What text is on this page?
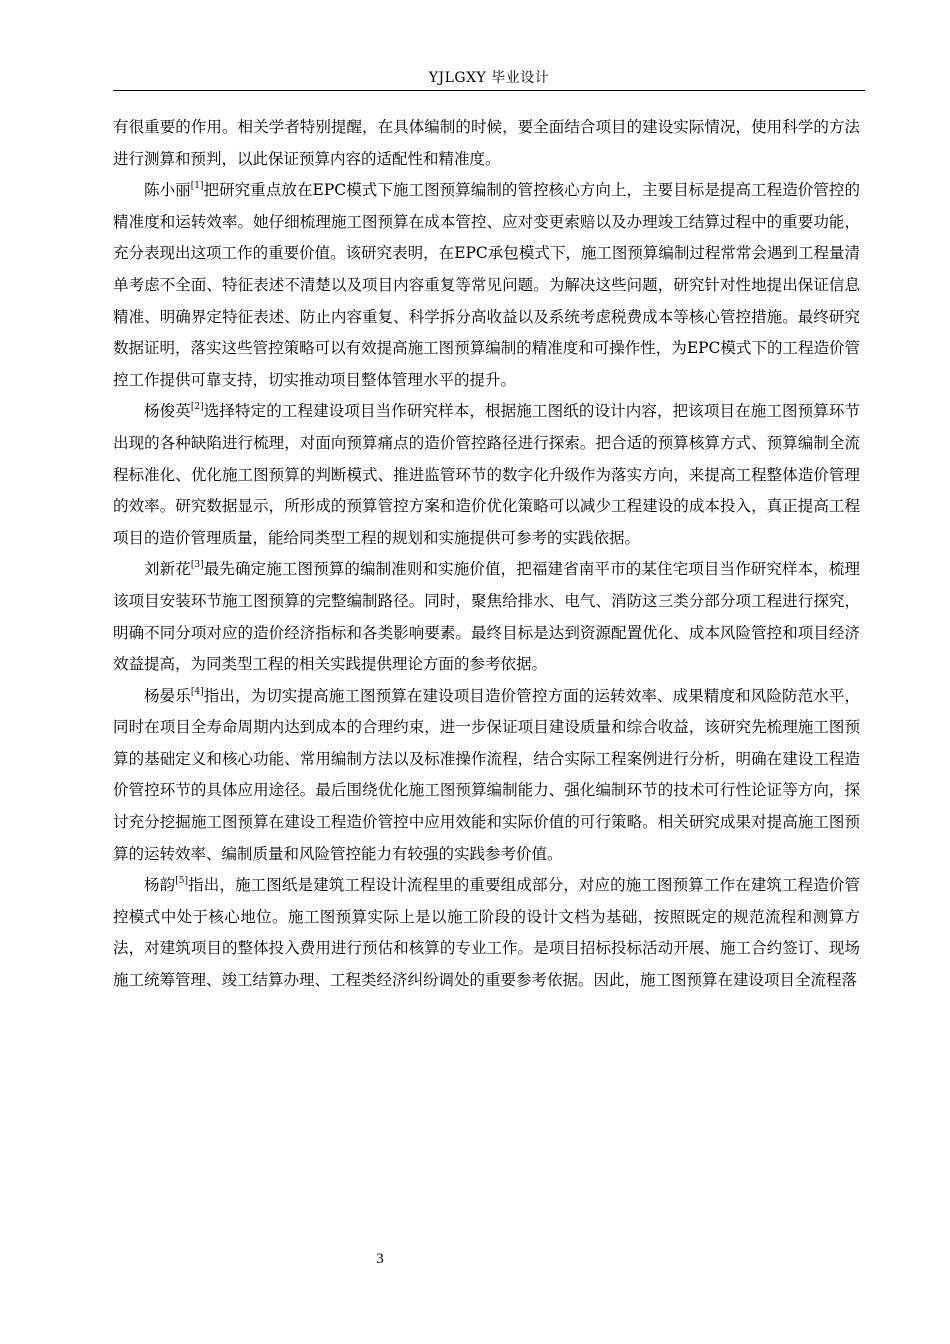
YJLGXY 毕业设计

有很重要的作用。相关学者特别提醒，在具体编制的时候，要全面结合项目的建设实际情况，使用科学的方法进行测算和预判，以此保证预算内容的适配性和精准度。

陈小丽[1]把研究重点放在EPC模式下施工图预算编制的管控核心方向上，主要目标是提高工程造价管控的精准度和运转效率。她仔细梳理施工图预算在成本管控、应对变更索赔以及办理竣工结算过程中的重要功能，充分表现出这项工作的重要价值。该研究表明，在EPC承包模式下，施工图预算编制过程常常会遇到工程量清单考虑不全面、特征表述不清楚以及项目内容重复等常见问题。为解决这些问题，研究针对性地提出保证信息精准、明确界定特征表述、防止内容重复、科学拆分高收益以及系统考虑税费成本等核心管控措施。最终研究数据证明，落实这些管控策略可以有效提高施工图预算编制的精准度和可操作性，为EPC模式下的工程造价管控工作提供可靠支持，切实推动项目整体管理水平的提升。

杨俊英[2]选择特定的工程建设项目当作研究样本，根据施工图纸的设计内容，把该项目在施工图预算环节出现的各种缺陷进行梳理，对面向预算痛点的造价管控路径进行探索。把合适的预算核算方式、预算编制全流程标准化、优化施工图预算的判断模式、推进监管环节的数字化升级作为落实方向，来提高工程整体造价管理的效率。研究数据显示，所形成的预算管控方案和造价优化策略可以减少工程建设的成本投入，真正提高工程项目的造价管理质量，能给同类型工程的规划和实施提供可参考的实践依据。

刘新花[3]最先确定施工图预算的编制准则和实施价值，把福建省南平市的某住宅项目当作研究样本，梳理该项目安装环节施工图预算的完整编制路径。同时，聚焦给排水、电气、消防这三类分部分项工程进行探究，明确不同分项对应的造价经济指标和各类影响要素。最终目标是达到资源配置优化、成本风险管控和项目经济效益提高，为同类型工程的相关实践提供理论方面的参考依据。

杨晏乐[4]指出，为切实提高施工图预算在建设项目造价管控方面的运转效率、成果精度和风险防范水平，同时在项目全寿命周期内达到成本的合理约束，进一步保证项目建设质量和综合收益，该研究先梳理施工图预算的基础定义和核心功能、常用编制方法以及标准操作流程，结合实际工程案例进行分析，明确在建设工程造价管控环节的具体应用途径。最后围绕优化施工图预算编制能力、强化编制环节的技术可行性论证等方向，探讨充分挖掘施工图预算在建设工程造价管控中应用效能和实际价值的可行策略。相关研究成果对提高施工图预算的运转效率、编制质量和风险管控能力有较强的实践参考价值。

杨韵[5]指出，施工图纸是建筑工程设计流程里的重要组成部分，对应的施工图预算工作在建筑工程造价管控模式中处于核心地位。施工图预算实际上是以施工阶段的设计文档为基础，按照既定的规范流程和测算方法，对建筑项目的整体投入费用进行预估和核算的专业工作。是项目招标投标活动开展、施工合约签订、现场施工统筹管理、竣工结算办理、工程类经济纠纷调处的重要参考依据。因此，施工图预算在建设项目全流程落

3
